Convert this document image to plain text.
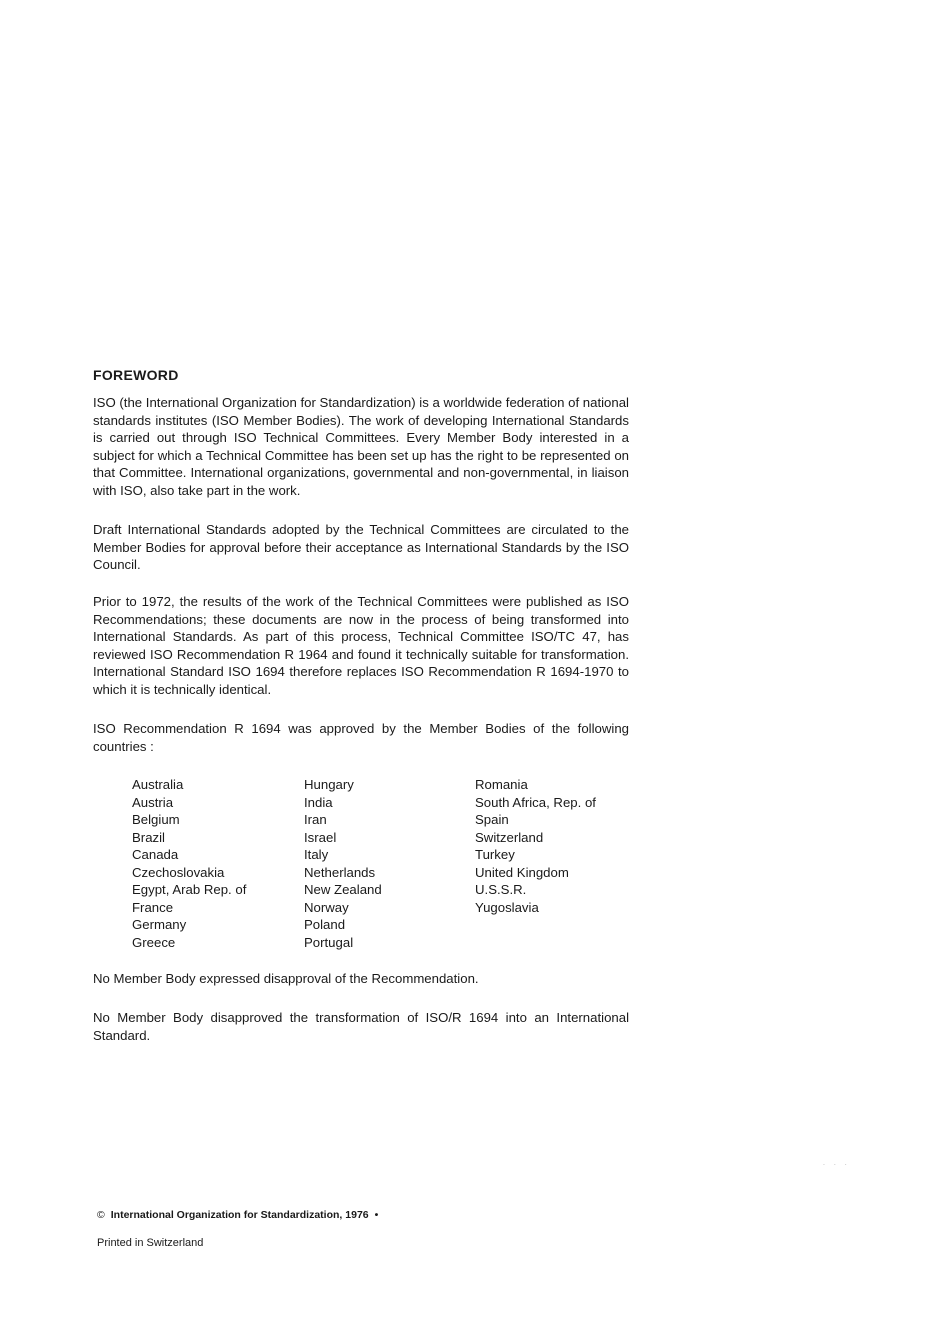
FOREWORD

ISO (the International Organization for Standardization) is a worldwide federation of national standards institutes (ISO Member Bodies). The work of developing International Standards is carried out through ISO Technical Committees. Every Member Body interested in a subject for which a Technical Committee has been set up has the right to be represented on that Committee. International organizations, governmental and non-governmental, in liaison with ISO, also take part in the work.

Draft International Standards adopted by the Technical Committees are circulated to the Member Bodies for approval before their acceptance as International Standards by the ISO Council.

Prior to 1972, the results of the work of the Technical Committees were published as ISO Recommendations; these documents are now in the process of being transformed into International Standards. As part of this process, Technical Committee ISO/TC 47, has reviewed ISO Recommendation R 1964 and found it technically suitable for transformation. International Standard ISO 1694 therefore replaces ISO Recommendation R 1694-1970 to which it is technically identical.

ISO Recommendation R 1694 was approved by the Member Bodies of the following countries :

Australia
Austria
Belgium
Brazil
Canada
Czechoslovakia
Egypt, Arab Rep. of
France
Germany
Greece
Hungary
India
Iran
Israel
Italy
Netherlands
New Zealand
Norway
Poland
Portugal
Romania
South Africa, Rep. of
Spain
Switzerland
Turkey
United Kingdom
U.S.S.R.
Yugoslavia

No Member Body expressed disapproval of the Recommendation.

No Member Body disapproved the transformation of ISO/R 1694 into an International Standard.

© International Organization for Standardization, 1976 •
Printed in Switzerland
· · ·
